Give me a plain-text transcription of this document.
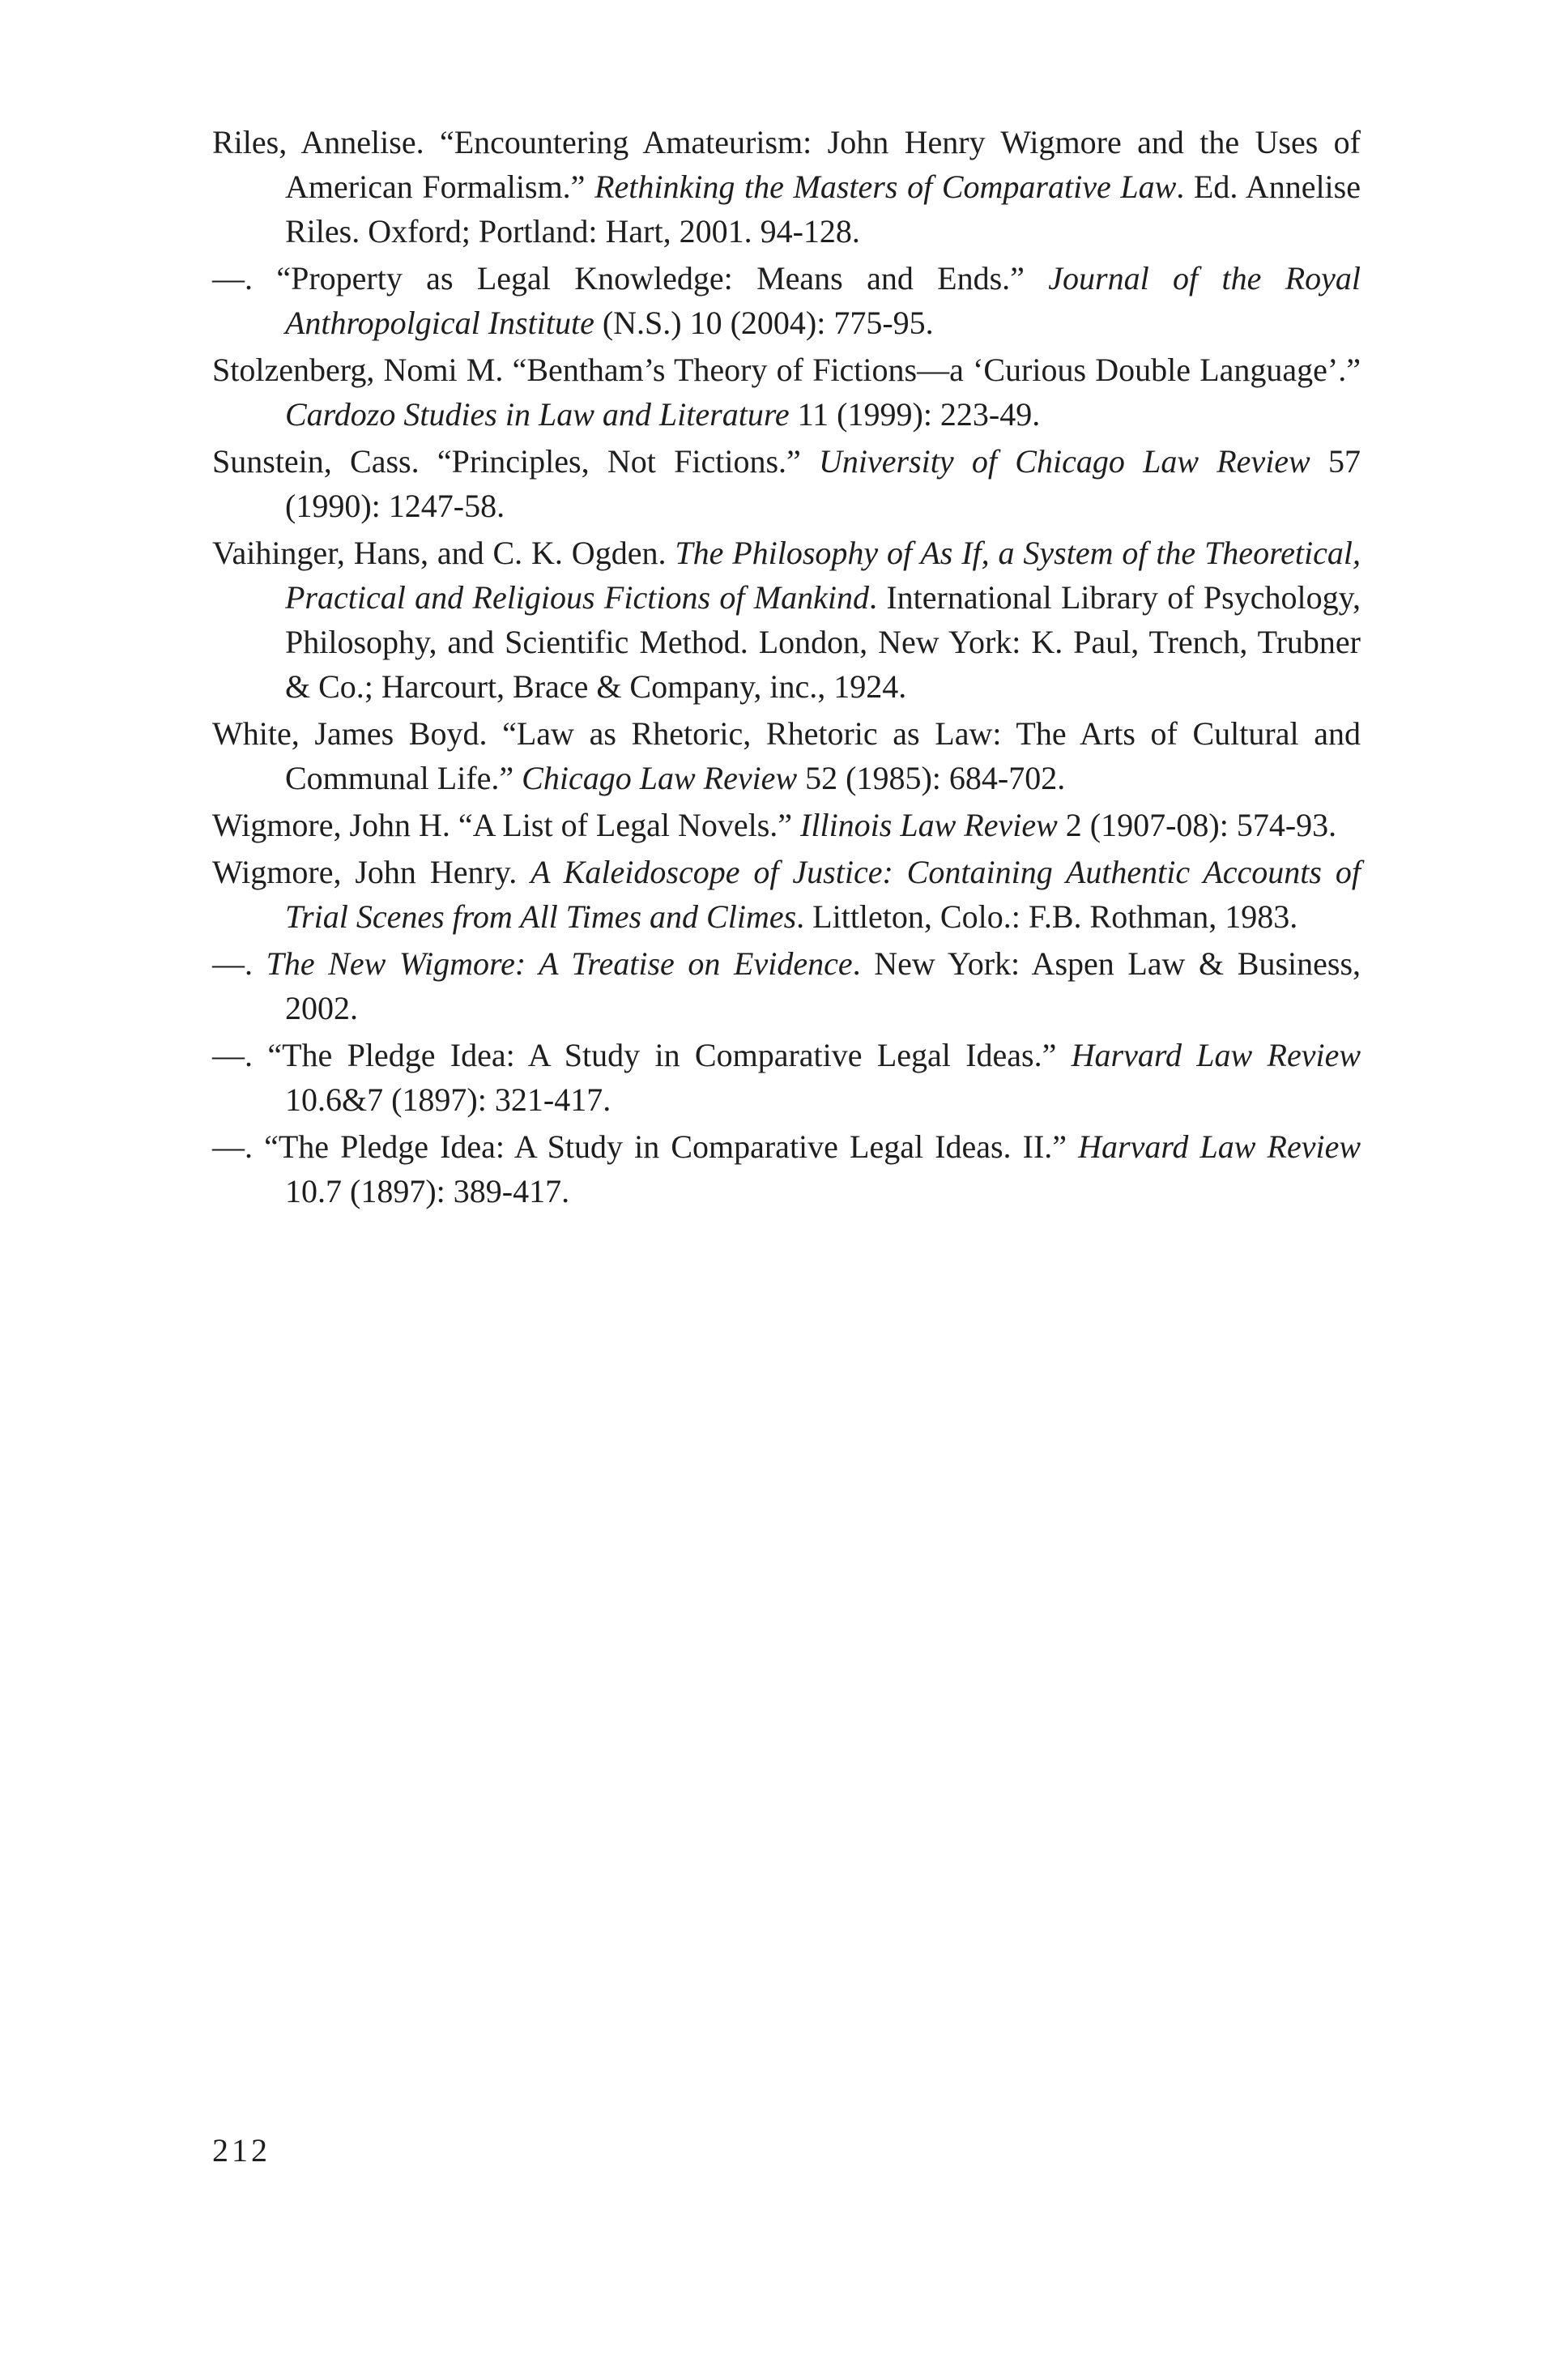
Riles, Annelise. “Encountering Amateurism: John Henry Wigmore and the Uses of American Formalism.” Rethinking the Masters of Comparative Law. Ed. Annelise Riles. Oxford; Portland: Hart, 2001. 94-128.

—. “Property as Legal Knowledge: Means and Ends.” Journal of the Royal Anthropolgical Institute (N.S.) 10 (2004): 775-95.

Stolzenberg, Nomi M. “Bentham’s Theory of Fictions—a ‘Curious Double Language’.” Cardozo Studies in Law and Literature 11 (1999): 223-49.

Sunstein, Cass. “Principles, Not Fictions.” University of Chicago Law Review 57 (1990): 1247-58.

Vaihinger, Hans, and C. K. Ogden. The Philosophy of As If, a System of the Theoretical, Practical and Religious Fictions of Mankind. International Library of Psychology, Philosophy, and Scientific Method. London, New York: K. Paul, Trench, Trubner & Co.; Harcourt, Brace & Company, inc., 1924.

White, James Boyd. “Law as Rhetoric, Rhetoric as Law: The Arts of Cultural and Communal Life.” Chicago Law Review 52 (1985): 684-702.

Wigmore, John H. “A List of Legal Novels.” Illinois Law Review 2 (1907-08): 574-93.

Wigmore, John Henry. A Kaleidoscope of Justice: Containing Authentic Accounts of Trial Scenes from All Times and Climes. Littleton, Colo.: F.B. Rothman, 1983.

—. The New Wigmore: A Treatise on Evidence. New York: Aspen Law & Business, 2002.

—. “The Pledge Idea: A Study in Comparative Legal Ideas.” Harvard Law Review 10.6&7 (1897): 321-417.

—. “The Pledge Idea: A Study in Comparative Legal Ideas. II.” Harvard Law Review 10.7 (1897): 389-417.

212
